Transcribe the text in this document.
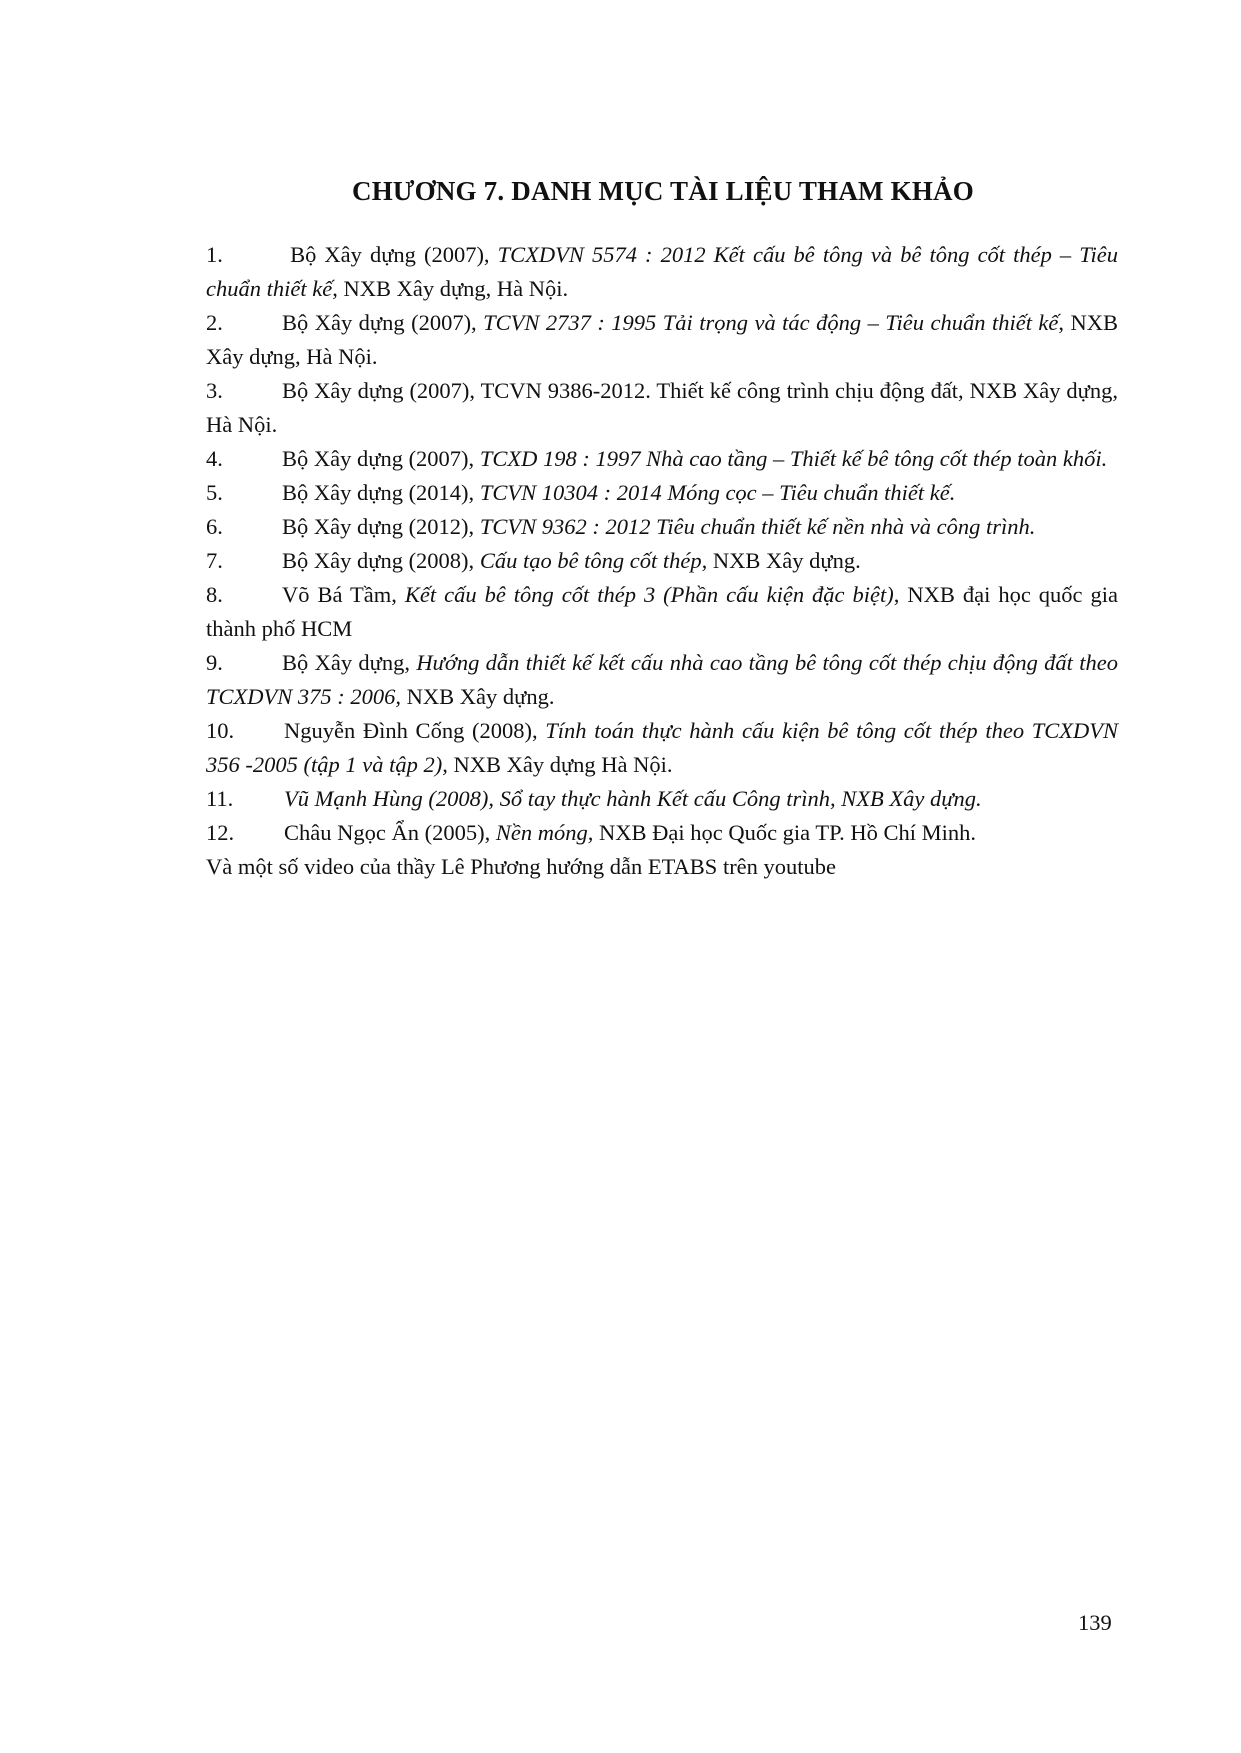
CHƯƠNG 7. DANH MỤC TÀI LIỆU THAM KHẢO

1.	Bộ Xây dựng (2007), TCXDVN 5574 : 2012 Kết cấu bê tông và bê tông cốt thép – Tiêu chuẩn thiết kế, NXB Xây dựng, Hà Nội.

2.	Bộ Xây dựng (2007), TCVN 2737 : 1995 Tải trọng và tác động – Tiêu chuẩn thiết kế, NXB Xây dựng, Hà Nội.

3.	Bộ Xây dựng (2007), TCVN 9386-2012. Thiết kế công trình chịu động đất, NXB Xây dựng, Hà Nội.

4.	Bộ Xây dựng (2007), TCXD 198 : 1997 Nhà cao tầng – Thiết kế bê tông cốt thép toàn khối.

5.	Bộ Xây dựng (2014), TCVN 10304 : 2014 Móng cọc – Tiêu chuẩn thiết kế.

6.	Bộ Xây dựng (2012), TCVN 9362 : 2012 Tiêu chuẩn thiết kế nền nhà và công trình.

7.	Bộ Xây dựng (2008), Cấu tạo bê tông cốt thép, NXB Xây dựng.

8.	Võ Bá Tầm, Kết cấu bê tông cốt thép 3 (Phần cấu kiện đặc biệt), NXB đại học quốc gia thành phố HCM

9.	Bộ Xây dựng, Hướng dẫn thiết kế kết cấu nhà cao tầng bê tông cốt thép chịu động đất theo TCXDVN 375 : 2006, NXB Xây dựng.

10. Nguyễn Đình Cống (2008), Tính toán thực hành cấu kiện bê tông cốt thép theo TCXDVN 356 -2005 (tập 1 và tập 2), NXB Xây dựng Hà Nội.

11. Vũ Mạnh Hùng (2008), Sổ tay thực hành Kết cấu Công trình, NXB Xây dựng.

12. Châu Ngọc Ẩn (2005), Nền móng, NXB Đại học Quốc gia TP. Hồ Chí Minh.

Và một số video của thầy Lê Phương hướng dẫn ETABS trên youtube

139
